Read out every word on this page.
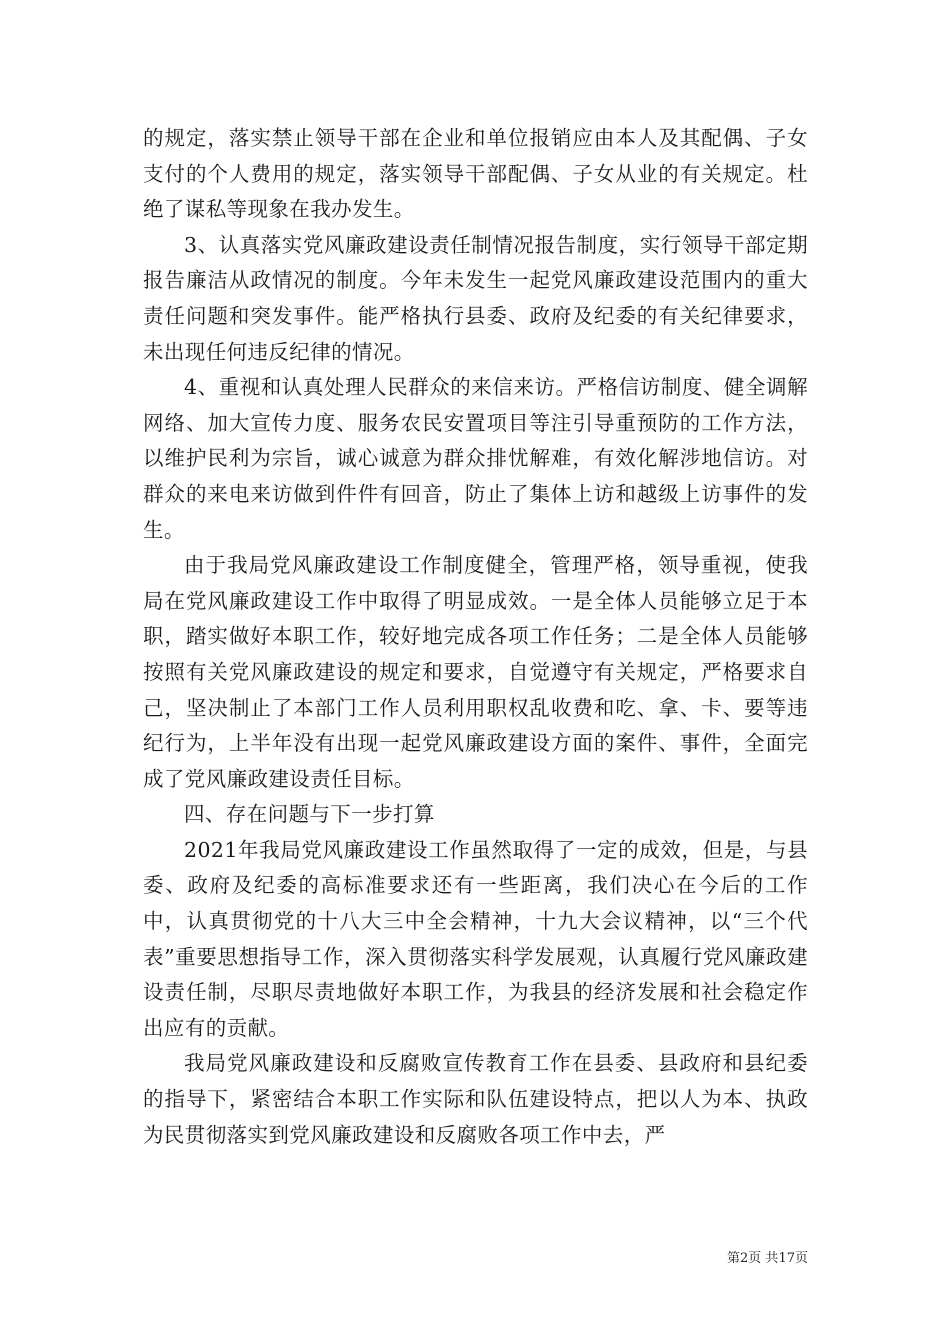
的规定，落实禁止领导干部在企业和单位报销应由本人及其配偶、子女支付的个人费用的规定，落实领导干部配偶、子女从业的有关规定。杜绝了谋私等现象在我办发生。

3、认真落实党风廉政建设责任制情况报告制度，实行领导干部定期报告廉洁从政情况的制度。今年未发生一起党风廉政建设范围内的重大责任问题和突发事件。能严格执行县委、政府及纪委的有关纪律要求，未出现任何违反纪律的情况。

4、重视和认真处理人民群众的来信来访。严格信访制度、健全调解网络、加大宣传力度、服务农民安置项目等注引导重预防的工作方法，以维护民利为宗旨，诚心诚意为群众排忧解难，有效化解涉地信访。对群众的来电来访做到件件有回音，防止了集体上访和越级上访事件的发生。

由于我局党风廉政建设工作制度健全，管理严格，领导重视，使我局在党风廉政建设工作中取得了明显成效。一是全体人员能够立足于本职，踏实做好本职工作，较好地完成各项工作任务；二是全体人员能够按照有关党风廉政建设的规定和要求，自觉遵守有关规定，严格要求自己，坚决制止了本部门工作人员利用职权乱收费和吃、拿、卡、要等违纪行为，上半年没有出现一起党风廉政建设方面的案件、事件，全面完成了党风廉政建设责任目标。

四、存在问题与下一步打算

2021年我局党风廉政建设工作虽然取得了一定的成效，但是，与县委、政府及纪委的高标准要求还有一些距离，我们决心在今后的工作中，认真贯彻党的十八大三中全会精神，十九大会议精神，以“三个代表”重要思想指导工作，深入贯彻落实科学发展观，认真履行党风廉政建设责任制，尽职尽责地做好本职工作，为我县的经济发展和社会稳定作出应有的贡献。

我局党风廉政建设和反腐败宣传教育工作在县委、县政府和县纪委的指导下，紧密结合本职工作实际和队伍建设特点，把以人为本、执政为民贯彻落实到党风廉政建设和反腐败各项工作中去，严

第2页 共17页
